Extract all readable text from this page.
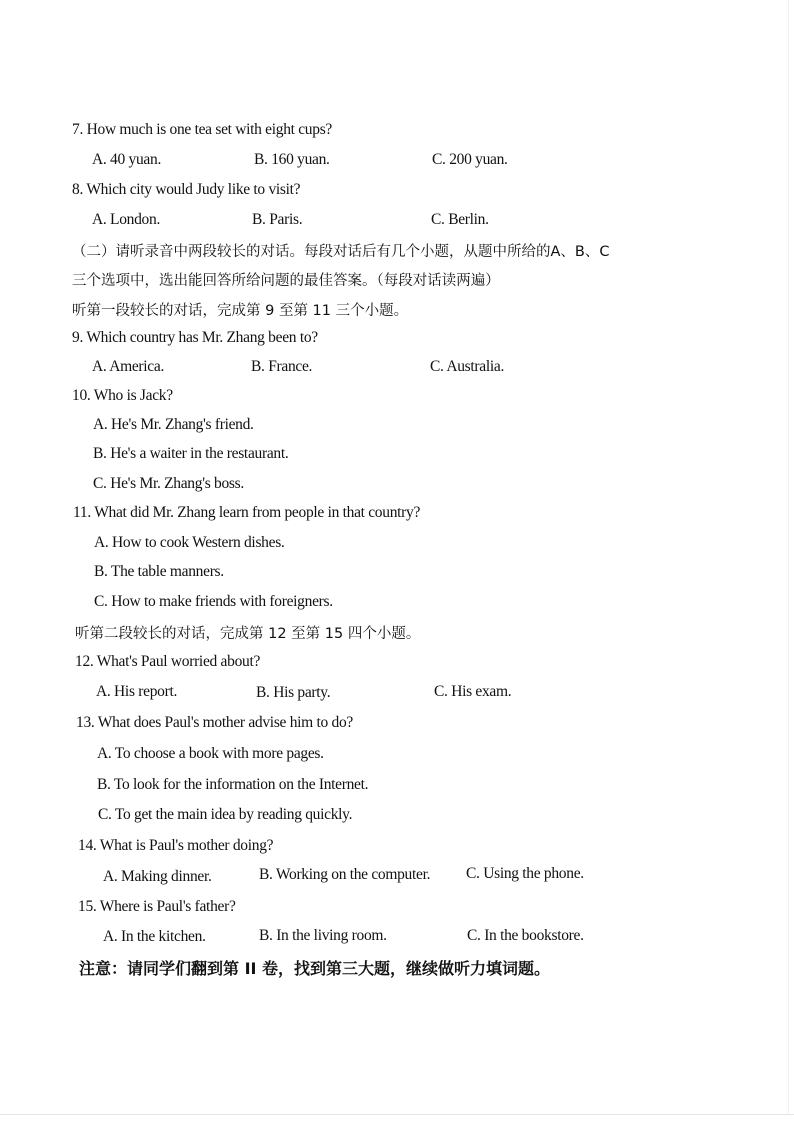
7. How much is one tea set with eight cups?
A. 40 yuan.	B. 160 yuan.	C. 200 yuan.
8. Which city would Judy like to visit?
A. London.	B. Paris.	C. Berlin.
（二）请听录音中两段较长的对话。每段对话后有几个小题，从题中所给的A、B、C
三个选项中，选出能回答所给问题的最佳答案。（每段对话读两遍）
听第一段较长的对话，完成第 9 至第 11 三个小题。
9. Which country has Mr. Zhang been to?
A. America.	B. France.	C. Australia.
10. Who is Jack?
A. He's Mr. Zhang's friend.
B. He's a waiter in the restaurant.
C. He's Mr. Zhang's boss.
11. What did Mr. Zhang learn from people in that country?
A. How to cook Western dishes.
B. The table manners.
C. How to make friends with foreigners.
听第二段较长的对话，完成第 12 至第 15 四个小题。
12. What's Paul worried about?
A. His report.	B. His party.	C. His exam.
13. What does Paul's mother advise him to do?
A. To choose a book with more pages.
B. To look for the information on the Internet.
C. To get the main idea by reading quickly.
14. What is Paul's mother doing?
A. Making dinner.	B. Working on the computer. C. Using the phone.
15. Where is Paul's father?
A. In the kitchen.	B. In the living room.	C. In the bookstore.
注意：请同学们翻到第 II 卷，找到第三大题，继续做听力填词题。
